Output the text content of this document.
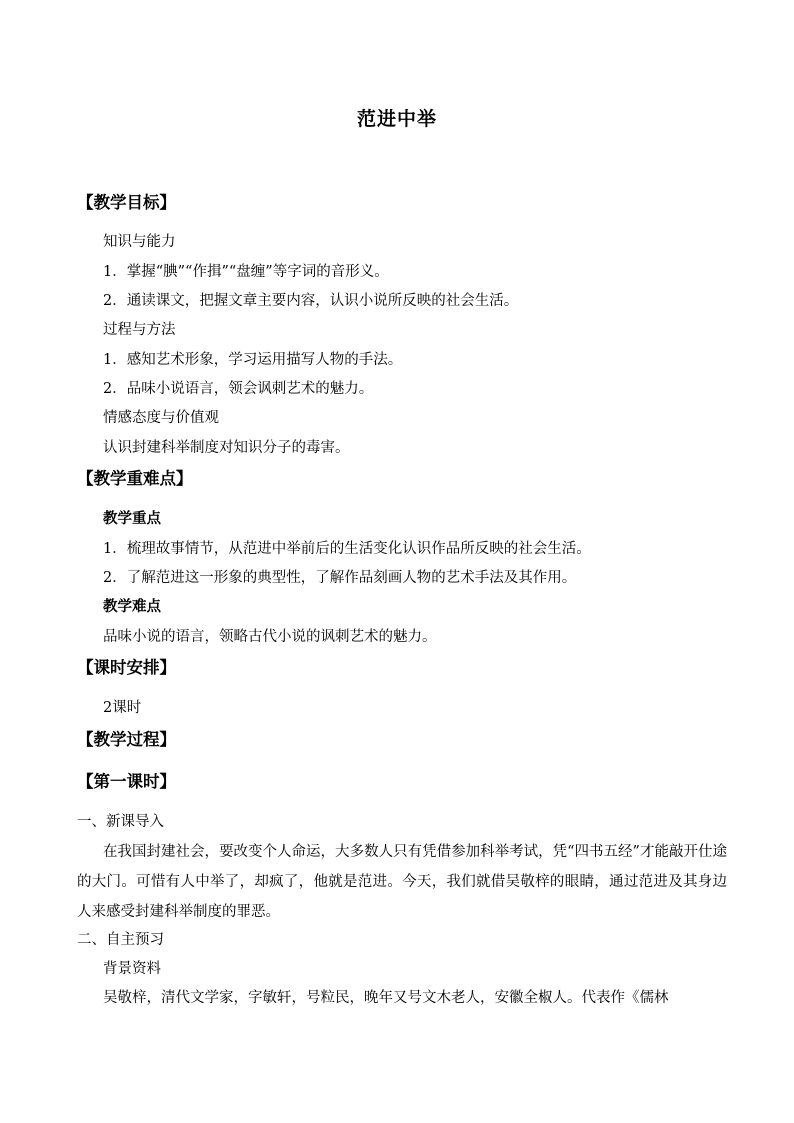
范进中举
【教学目标】
知识与能力
1．掌握“腆”“作揖”“盘缠”等字词的音形义。
2．通读课文，把握文章主要内容，认识小说所反映的社会生活。
过程与方法
1．感知艺术形象，学习运用描写人物的手法。
2．品味小说语言，领会讽刺艺术的魅力。
情感态度与价值观
认识封建科举制度对知识分子的毒害。
【教学重难点】
教学重点
1．梳理故事情节，从范进中举前后的生活变化认识作品所反映的社会生活。
2．了解范进这一形象的典型性，了解作品刻画人物的艺术手法及其作用。
教学难点
品味小说的语言，领略古代小说的讽刺艺术的魅力。
【课时安排】
2课时
【教学过程】
【第一课时】
一、新课导入
在我国封建社会，要改变个人命运，大多数人只有凭借参加科举考试，凭“四书五经”才能敲开仕途的大门。可惜有人中举了，却疯了，他就是范进。今天，我们就借吴敬梓的眼睛，通过范进及其身边人来感受封建科举制度的罪恶。
二、自主预习
背景资料
吴敬梓，清代文学家，字敏轩，号粒民，晚年又号文木老人，安徽全椒人。代表作《儒林
